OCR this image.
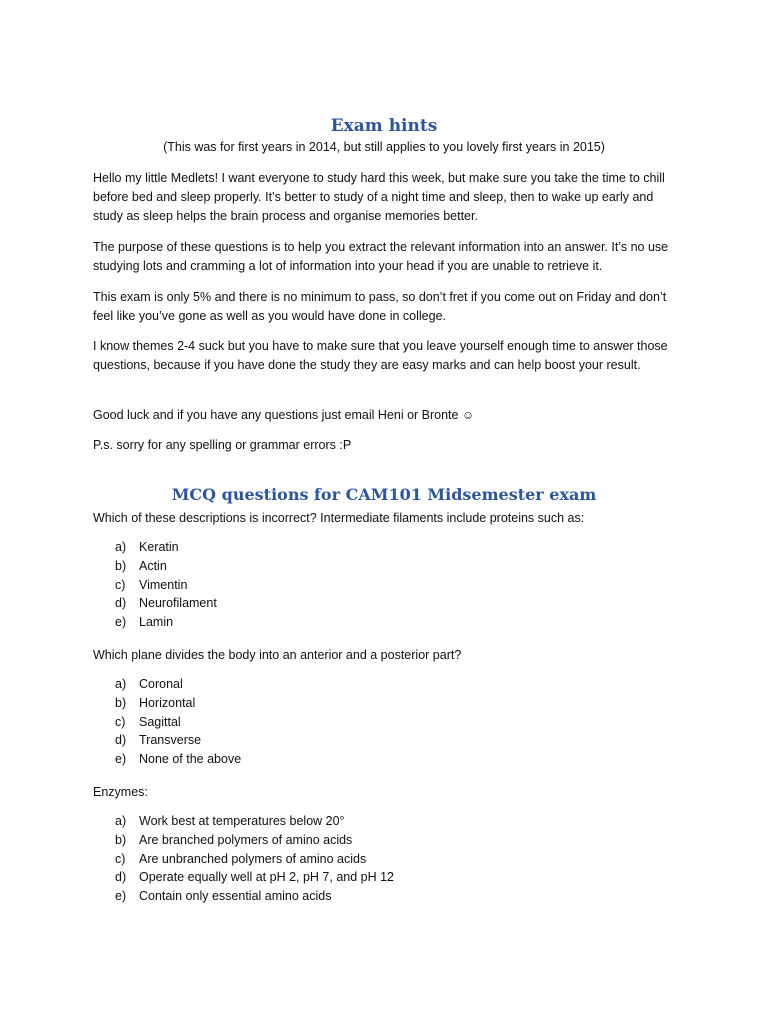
Exam hints

(This was for first years in 2014, but still applies to you lovely first years in 2015)

Hello my little Medlets! I want everyone to study hard this week, but make sure you take the time to chill before bed and sleep properly. It’s better to study of a night time and sleep, then to wake up early and study as sleep helps the brain process and organise memories better.

The purpose of these questions is to help you extract the relevant information into an answer. It’s no use studying lots and cramming a lot of information into your head if you are unable to retrieve it.

This exam is only 5% and there is no minimum to pass, so don’t fret if you come out on Friday and don’t feel like you’ve gone as well as you would have done in college.

I know themes 2-4 suck but you have to make sure that you leave yourself enough time to answer those questions, because if you have done the study they are easy marks and can help boost your result.

Good luck and if you have any questions just email Heni or Bronte ☺

P.s. sorry for any spelling or grammar errors :P

MCQ questions for CAM101 Midsemester exam

Which of these descriptions is incorrect? Intermediate filaments include proteins such as:

a) Keratin
b) Actin
c) Vimentin
d) Neurofilament
e) Lamin

Which plane divides the body into an anterior and a posterior part?

a) Coronal
b) Horizontal
c) Sagittal
d) Transverse
e) None of the above

Enzymes:

a) Work best at temperatures below 20°
b) Are branched polymers of amino acids
c) Are unbranched polymers of amino acids
d) Operate equally well at pH 2, pH 7, and pH 12
e) Contain only essential amino acids
